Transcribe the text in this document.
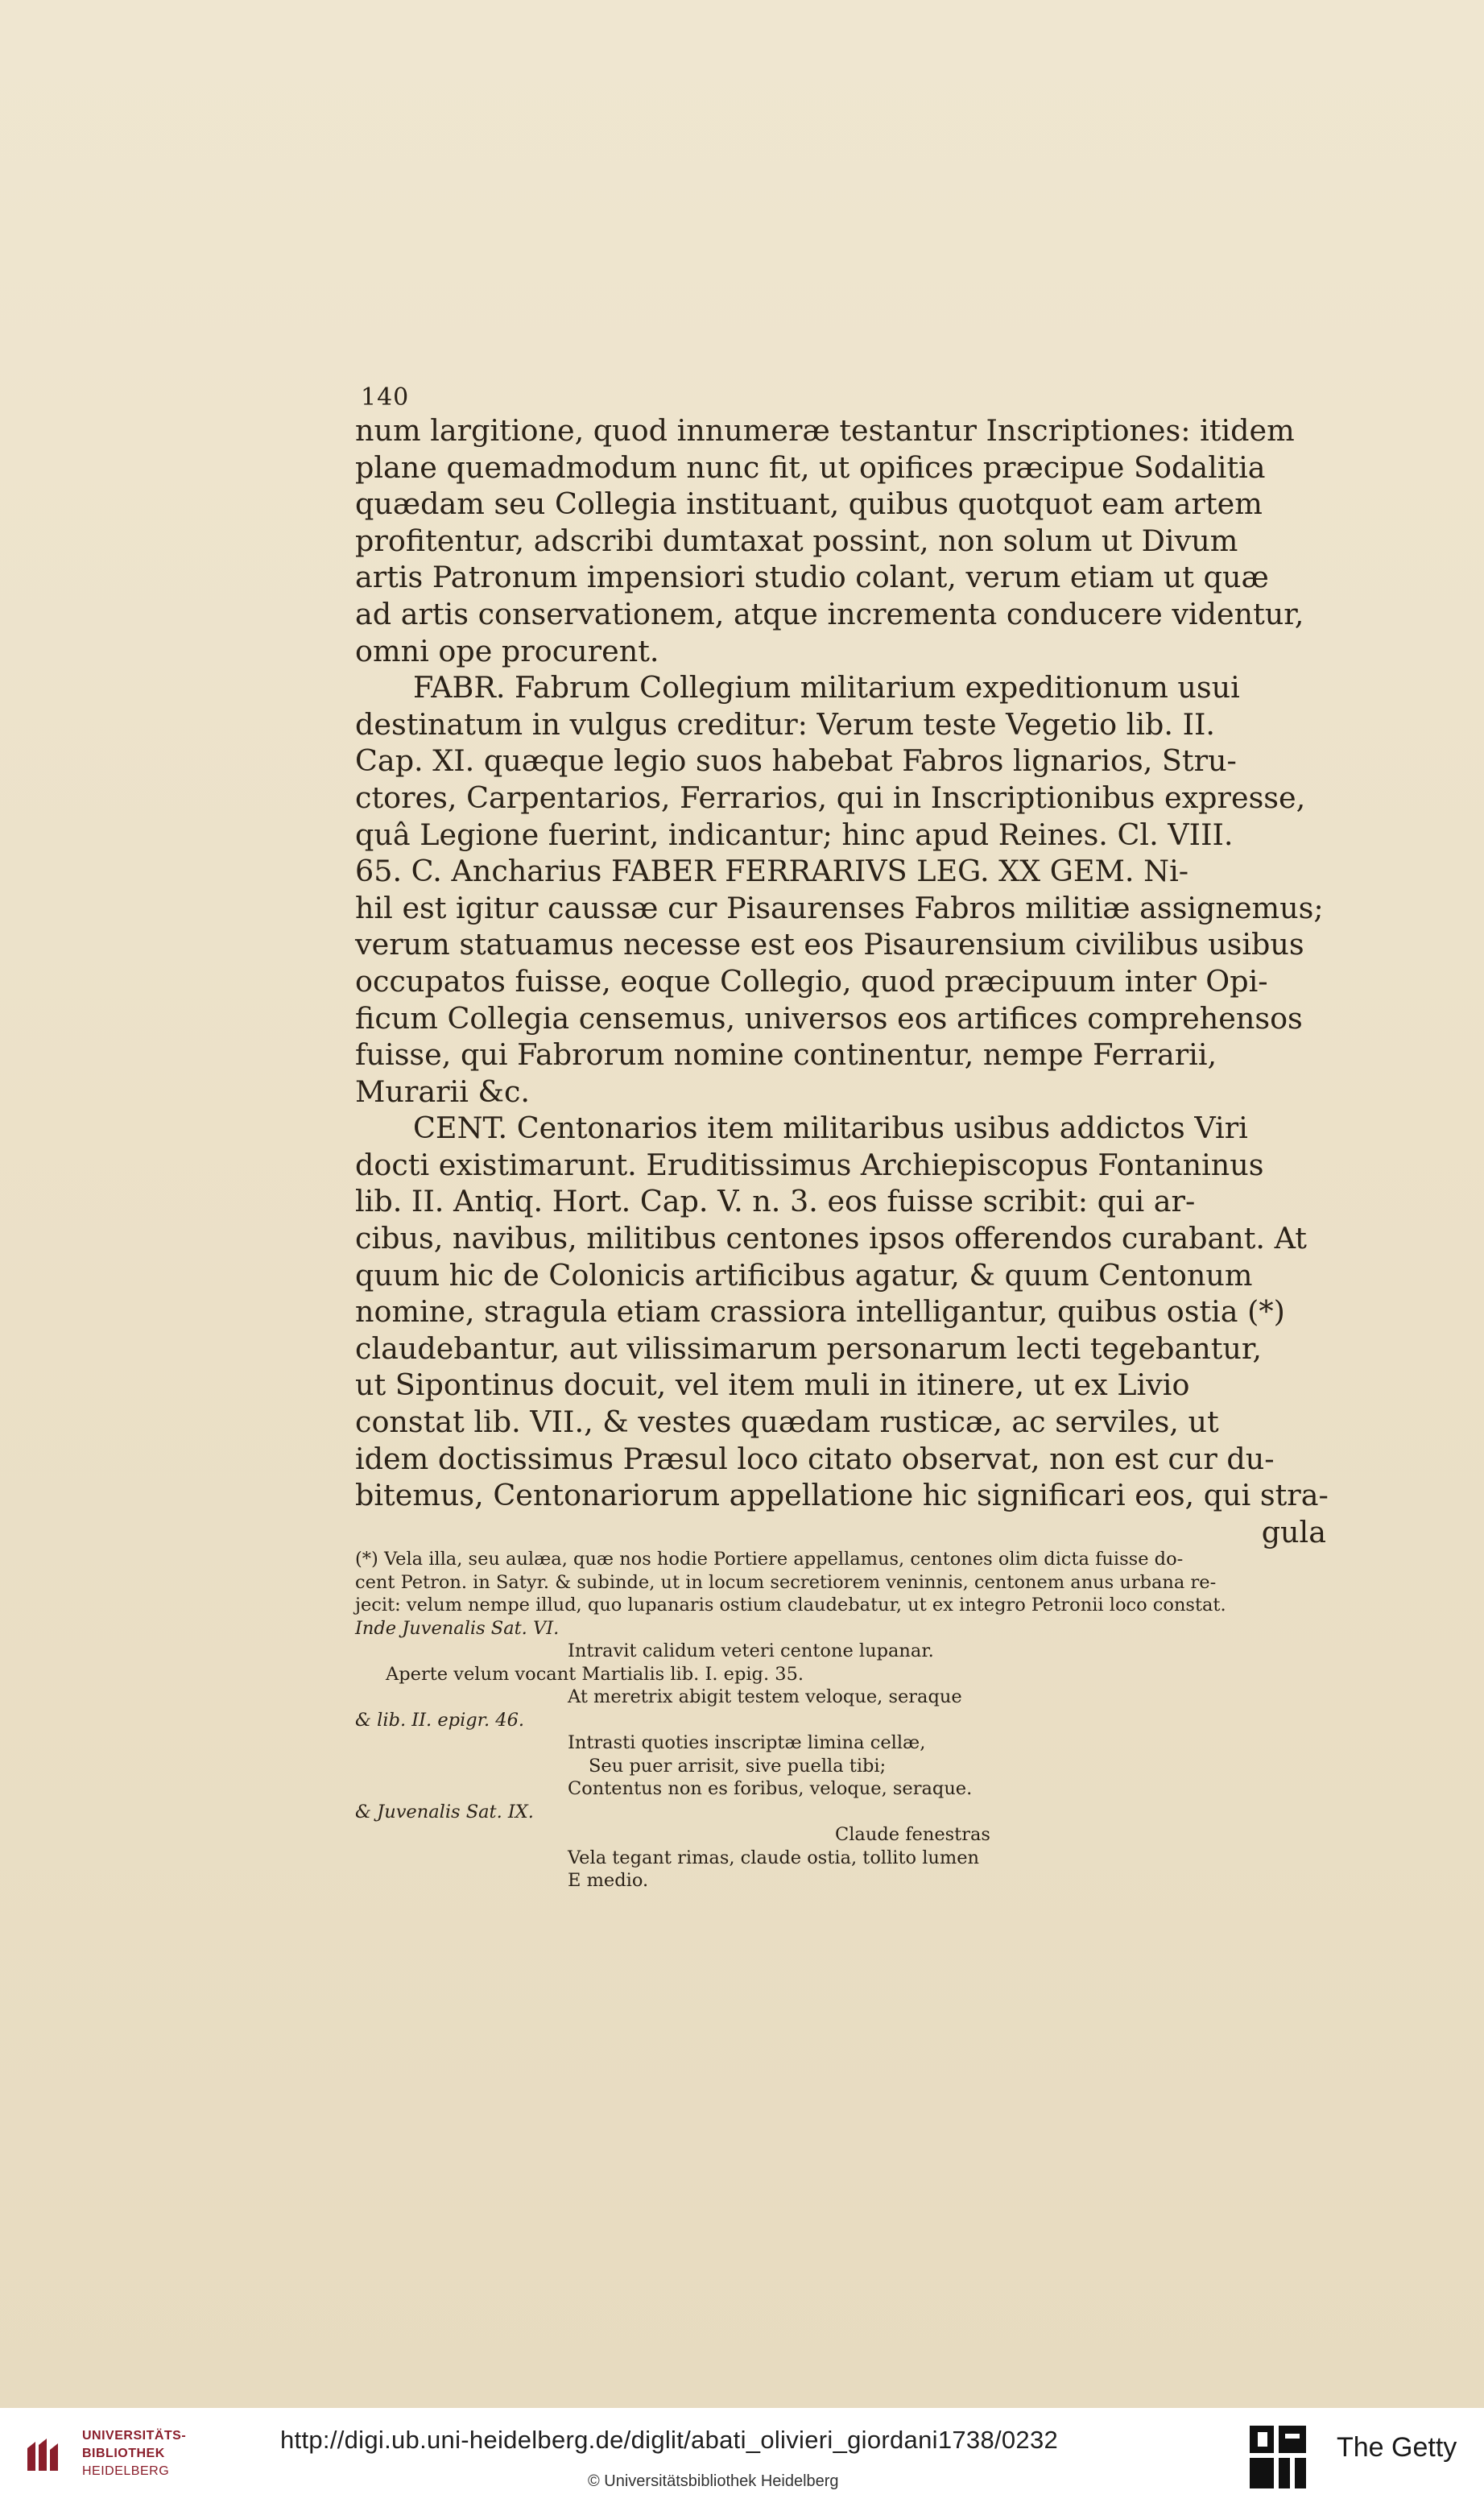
140
num largitione, quod innumeræ testantur Inscriptiones: itidem
plane quemadmodum nunc fit, ut opifices præcipue Sodalitia
quædam seu Collegia instituant, quibus quotquot eam artem
profitentur, adscribi dumtaxat possint, non solum ut Divum
artis Patronum impensiori studio colant, verum etiam ut quæ
ad artis conservationem, atque incrementa conducere videntur,
omni ope procurent.
FABR. Fabrum Collegium militarium expeditionum usui
destinatum in vulgus creditur: Verum teste Vegetio lib. II.
Cap. XI. quæque legio suos habebat Fabros lignarios, Stru-
ctores, Carpentarios, Ferrarios, qui in Inscriptionibus expresse,
quâ Legione fuerint, indicantur; hinc apud Reines. Cl. VIII.
65. C. Ancharius FABER FERRARIVS LEG. XX GEM. Ni-
hil est igitur caussæ cur Pisaurenses Fabros militiæ assignemus;
verum statuamus necesse est eos Pisaurensium civilibus usibus
occupatos fuisse, eoque Collegio, quod præcipuum inter Opi-
ficum Collegia censemus, universos eos artifices comprehensos
fuisse, qui Fabrorum nomine continentur, nempe Ferrarii,
Murarii &c.
CENT. Centonarios item militaribus usibus addictos Viri
docti existimarunt. Eruditissimus Archiepiscopus Fontaninus
lib. II. Antiq. Hort. Cap. V. n. 3. eos fuisse scribit: qui ar-
cibus, navibus, militibus centones ipsos offerendos curabant. At
quum hic de Colonicis artificibus agatur, & quum Centonum
nomine, stragula etiam crassiora intelligantur, quibus ostia (*)
claudebantur, aut vilissimarum personarum lecti tegebantur,
ut Sipontinus docuit, vel item muli in itinere, ut ex Livio
constat lib. VII., & vestes quædam rusticæ, ac serviles, ut
idem doctissimus Præsul loco citato observat, non est cur du-
bitemus, Centonariorum appellatione hic significari eos, qui stra-
gula
(*) Vela illa, seu aulæa, quæ nos hodie Portiere appellamus, centones olim dicta fuisse do-
cent Petron. in Satyr. & subinde, ut in locum secretiorem veninnis, centonem anus urbana re-
jecit: velum nempe illud, quo lupanaris ostium claudebatur, ut ex integro Petronii loco constat.
Inde Juvenalis Sat. VI.
Intravit calidum veteri centone lupanar.
Aperte velum vocant Martialis lib. I. epig. 35.
At meretrix abigit testem veloque, seraque
& lib. II. epigr. 46.
Intrasti quoties inscriptæ limina cellæ,
Seu puer arrisit, sive puella tibi;
Contentus non es foribus, veloque, seraque.
& Juvenalis Sat. IX.
Claude fenestras
Vela tegant rimas, claude ostia, tollito lumen
E medio.
UNIVERSITÄTS-
BIBLIOTHEK
HEIDELBERG
http://digi.ub.uni-heidelberg.de/diglit/abati_olivieri_giordani1738/0232
© Universitätsbibliothek Heidelberg
The Getty
